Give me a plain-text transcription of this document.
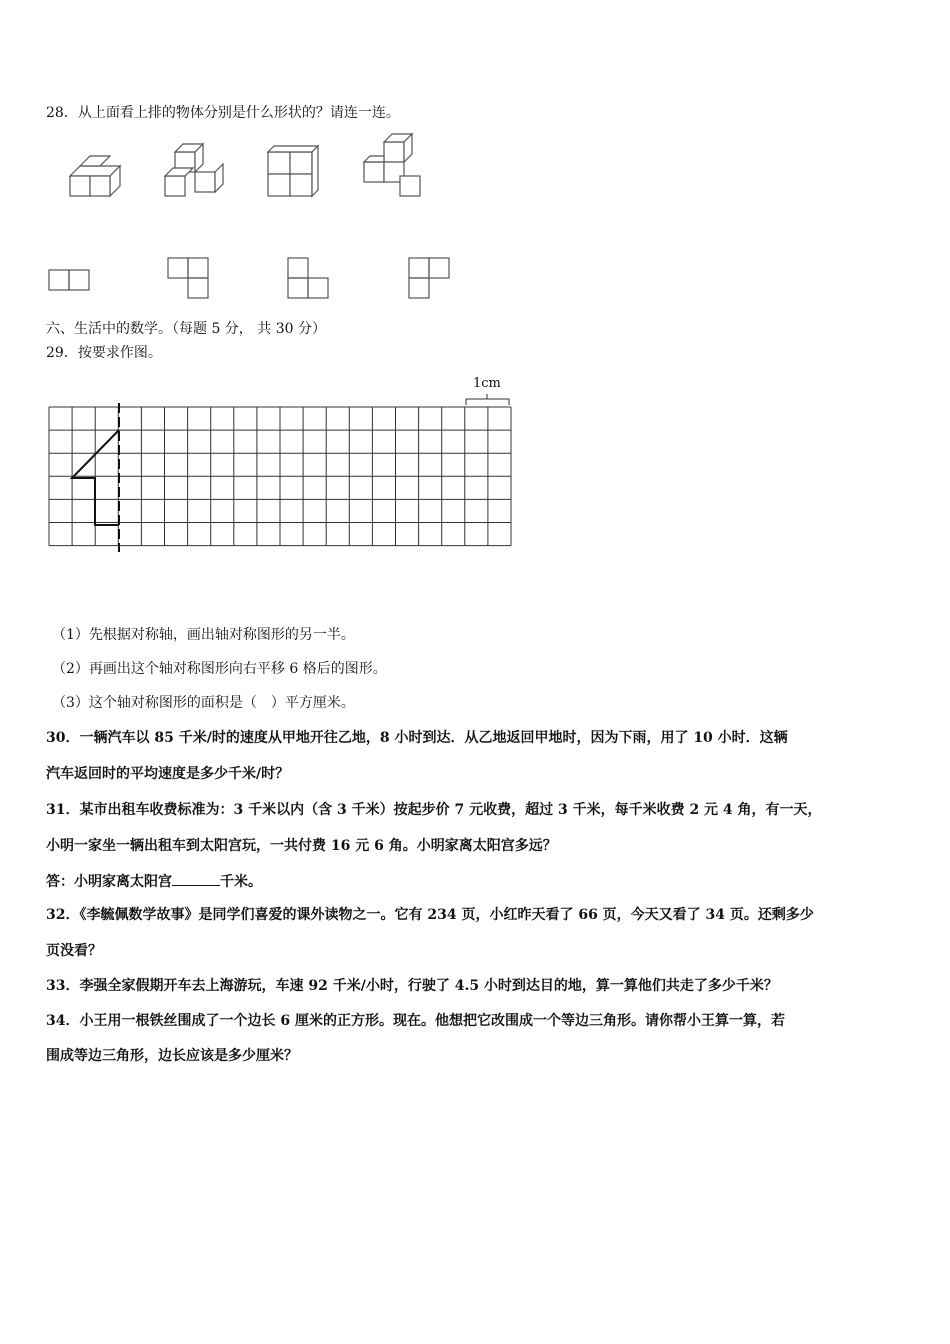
28．从上面看上排的物体分别是什么形状的？请连一连。
六、生活中的数学。（每题 5 分， 共 30 分）
29．按要求作图。
1cm
（1）先根据对称轴，画出轴对称图形的另一半。
（2）再画出这个轴对称图形向右平移 6 格后的图形。
（3）这个轴对称图形的面积是（　）平方厘米。
30．一辆汽车以 85 千米/时的速度从甲地开往乙地，8 小时到达．从乙地返回甲地时，因为下雨，用了 10 小时．这辆
汽车返回时的平均速度是多少千米/时？
31．某市出租车收费标准为：3 千米以内（含 3 千米）按起步价 7 元收费，超过 3 千米，每千米收费 2 元 4 角，有一天，
小明一家坐一辆出租车到太阳宫玩，一共付费 16 元 6 角。小明家离太阳宫多远？
答：小明家离太阳宫	千米。
32．《李毓佩数学故事》是同学们喜爱的课外读物之一。它有 234 页，小红昨天看了 66 页，今天又看了 34 页。还剩多少
页没看？
33．李强全家假期开车去上海游玩，车速 92 千米/小时，行驶了 4.5 小时到达目的地，算一算他们共走了多少千米？
34．小王用一根铁丝围成了一个边长 6 厘米的正方形。现在。他想把它改围成一个等边三角形。请你帮小王算一算，若
围成等边三角形，边长应该是多少厘米？
